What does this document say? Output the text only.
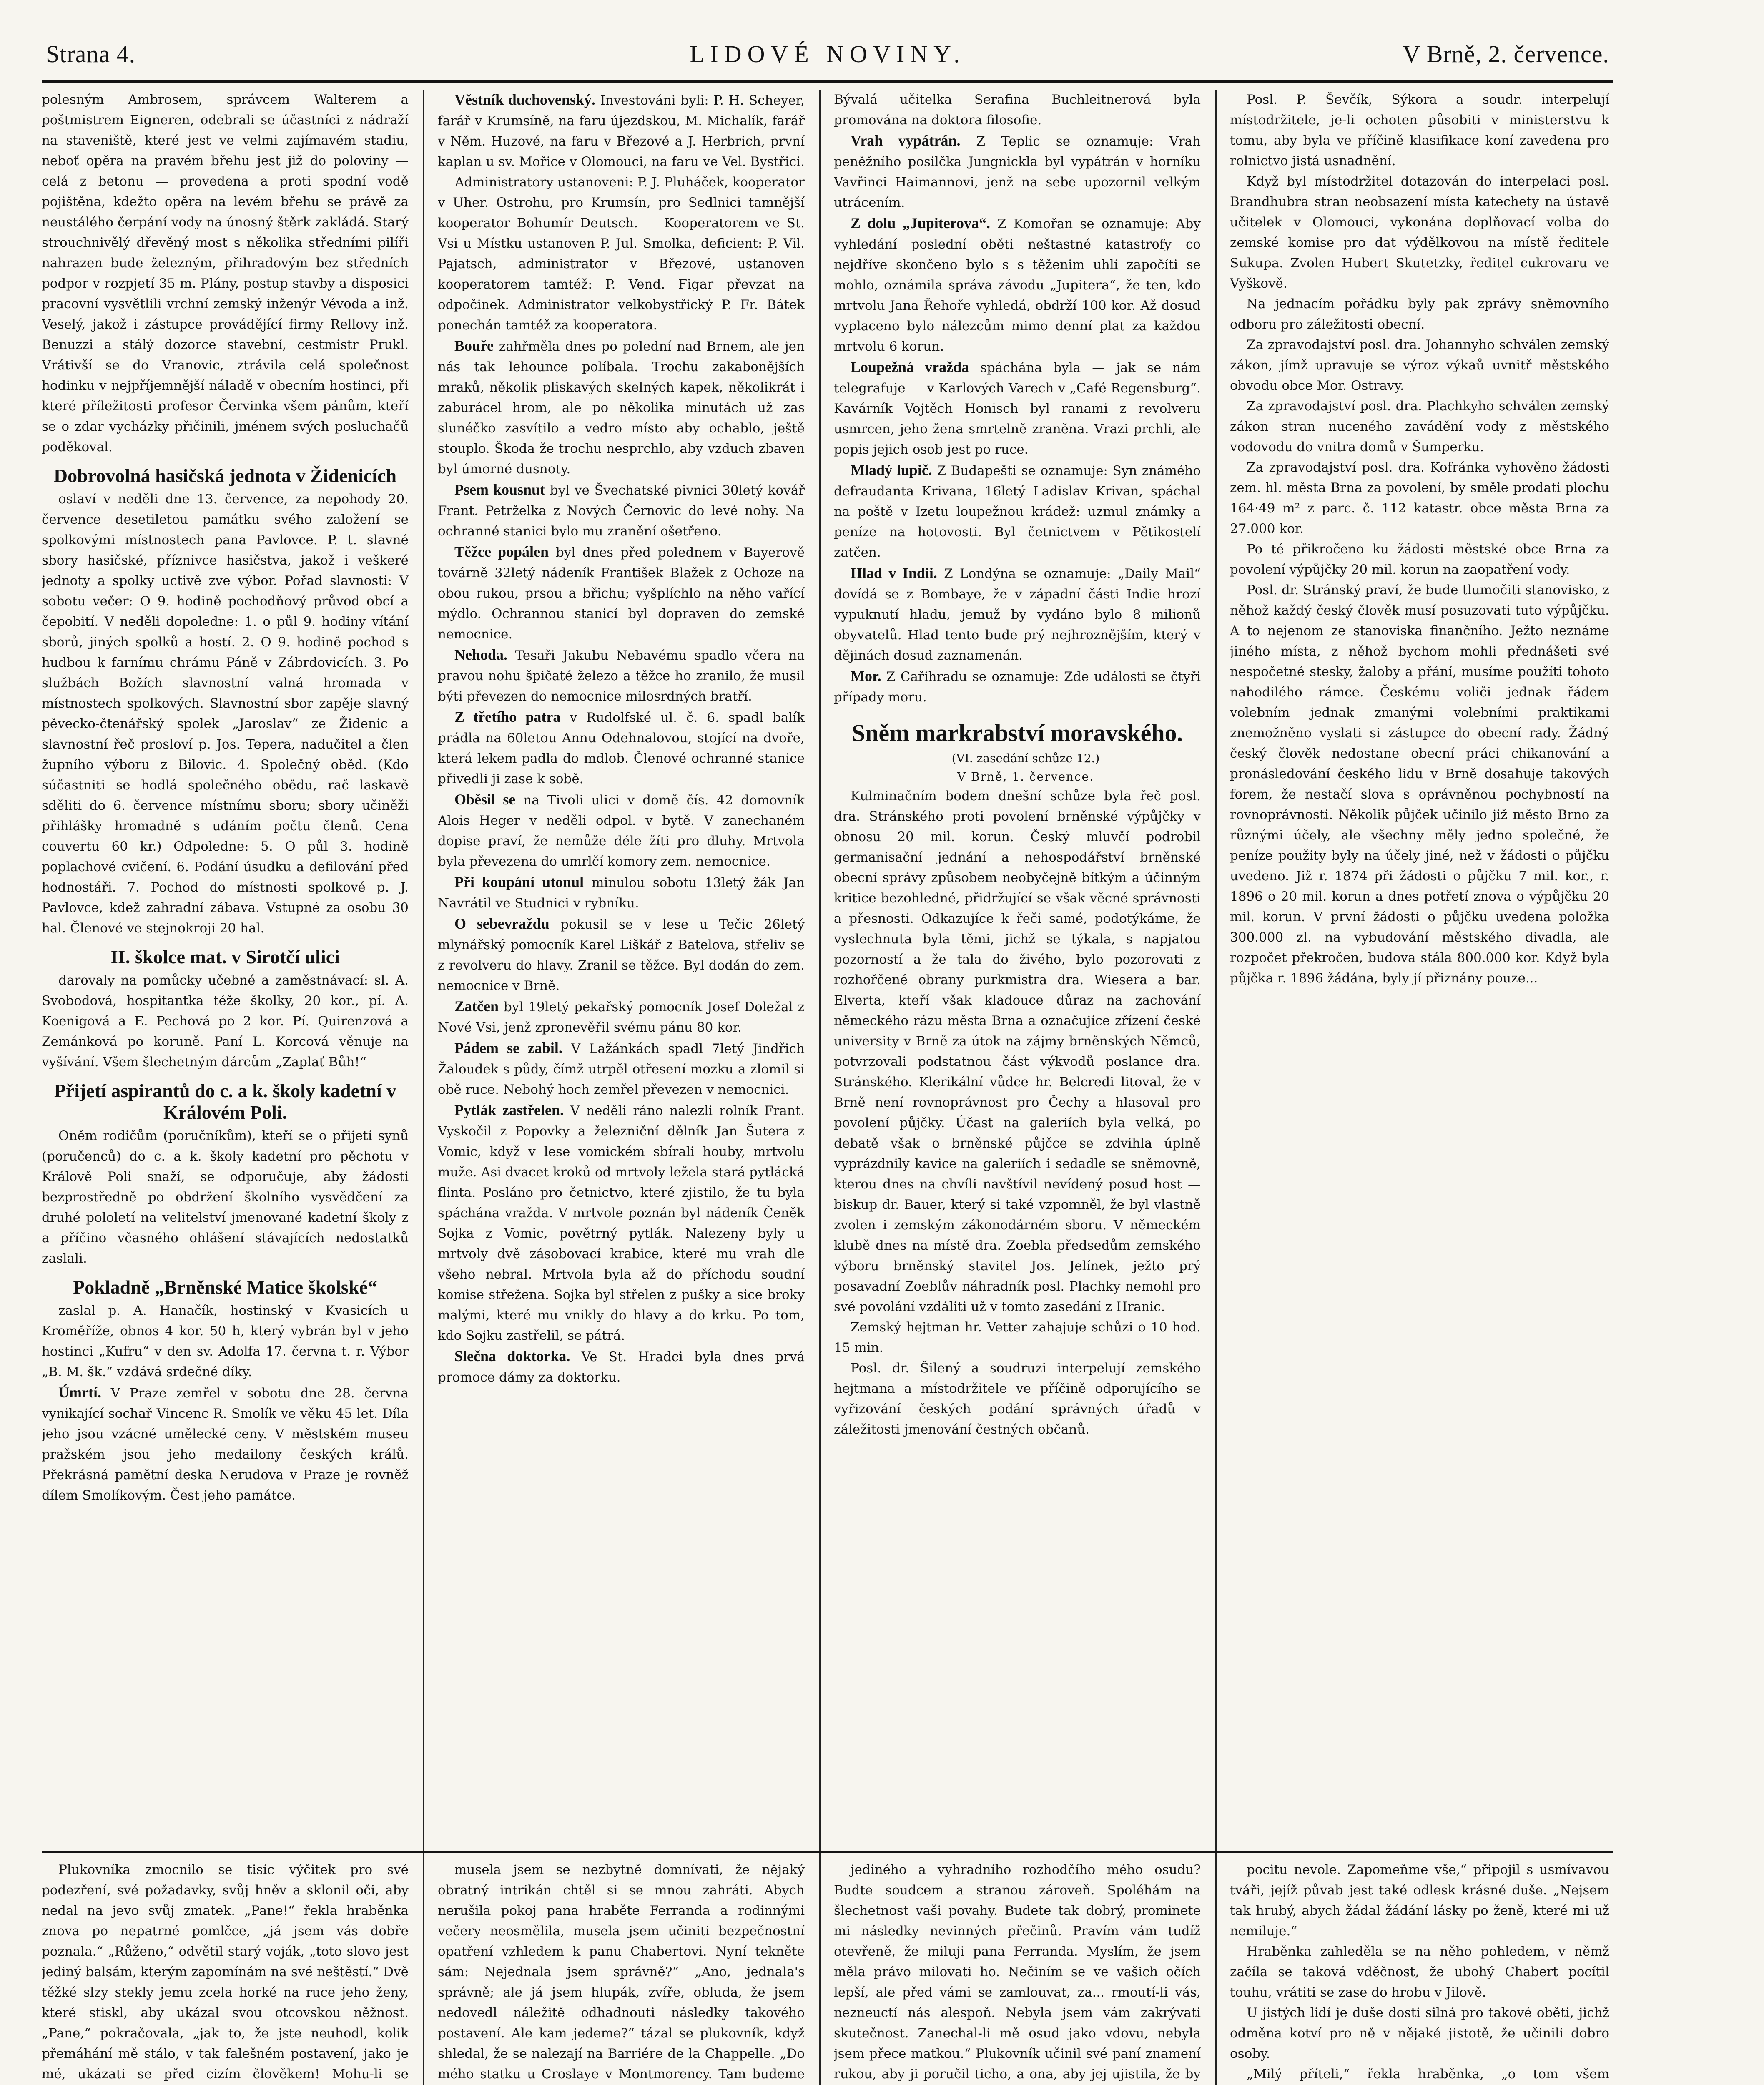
Strana 4.	LIDOVÉ NOVINY.	V Brně, 2. července.

polesným Ambrosem, správcem Walterem a poštmistrem Eigneren, odebrali se účastníci z nádraží na staveniště, které jest ve velmi zajímavém stadiu, neboť opěra na pravém břehu jest již do poloviny — celá z betonu — provedena a proti spodní vodě pojištěna, kdežto opěra na levém břehu se právě za neustálého čerpání vody na únosný štěrk zakládá. Starý strouchnivělý dřevěný most s několika středními pilíři nahrazen bude železným, přihradovým bez středních podpor v rozpjetí 35 m. Plány, postup stavby a disposici pracovní vysvětlili vrchní zemský inženýr Vévoda a inž. Veselý, jakož i zástupce provádějící firmy Rellovy inž. Benuzzi a stálý dozorce stavební, cestmistr Prukl. Vrátivší se do Vranovic, ztrávila celá společnost hodinku v nejpříjemnější náladě v obecním hostinci, při které příležitosti profesor Červinka všem pánům, kteří se o zdar vycházky přičinili, jménem svých posluchačů poděkoval.

Dobrovolná hasičská jednota v Židenicích

oslaví v neděli dne 13. července, za nepohody 20. července desetiletou památku svého založení se spolkovými místnostech pana Pavlovce. P. t. slavné sbory hasičské, příznivce hasičstva, jakož i veškeré jednoty a spolky uctivě zve výbor. Pořad slavnosti: V sobotu večer: O 9. hodině pochodňový průvod obcí a čepobití. V neděli dopoledne: 1. o půl 9. hodiny vítání sborů, jiných spolků a hostí. 2. O 9. hodině pochod s hudbou k farnímu chrámu Páně v Zábrdovicích. 3. Po službách Božích slavnostní valná hromada v místnostech spolkových. Slavnostní sbor zapěje slavný pěvecko-čtenářský spolek „Jaroslav“ ze Židenic a slavnostní řeč prosloví p. Jos. Tepera, nadučitel a člen župního výboru z Bilovic. 4. Společný oběd. (Kdo súčastniti se hodlá společného obědu, rač laskavě sděliti do 6. července místnímu sboru; sbory učiněži přihlášky hromadně s udáním počtu členů. Cena couvertu 60 kr.) Odpoledne: 5. O půl 3. hodině poplachové cvičení. 6. Podání úsudku a defilování před hodnostáři. 7. Pochod do místnosti spolkové p. J. Pavlovce, kdež zahradní zábava. Vstupné za osobu 30 hal. Členové ve stejnokroji 20 hal.

II. školce mat. v Sirotčí ulici

darovaly na pomůcky učebné a zaměstnávací: sl. A. Svobodová, hospitantka téže školky, 20 kor., pí. A. Koenigová a E. Pechová po 2 kor. Pí. Quirenzová a Zemánková po koruně. Paní L. Korcová věnuje na vyšívání. Všem šlechetným dárcům „Zaplať Bůh!“

Přijetí aspirantů do c. a k. školy kadetní v Královém Poli.

Oněm rodičům (poručníkům), kteří se o přijetí synů (poručenců) do c. a k. školy kadetní pro pěchotu v Králově Poli snaží, se odporučuje, aby žádosti bezprostředně po obdržení školního vysvědčení za druhé pololetí na velitelství jmenované kadetní školy z a příčino včasného ohlášení stávajících nedostatků zaslali.

Pokladně „Brněnské Matice školské“

zaslal p. A. Hanačík, hostinský v Kvasicích u Kroměříže, obnos 4 kor. 50 h, který vybrán byl v jeho hostinci „Kufru“ v den sv. Adolfa 17. června t. r. Výbor „B. M. šk.“ vzdává srdečné díky.

Úmrtí. V Praze zemřel v sobotu dne 28. června vynikající sochař Vincenc R. Smolík ve věku 45 let. Díla jeho jsou vzácné umělecké ceny. V městském museu pražském jsou jeho medailony českých králů. Překrásná pamětní deska Nerudova v Praze je rovněž dílem Smolíkovým. Čest jeho památce.

Věstník duchovenský. Investováni byli: P. H. Scheyer, farář v Krumsíně, na faru újezdskou, M. Michalík, farář v Něm. Huzové, na faru v Březové a J. Herbrich, první kaplan u sv. Mořice v Olomouci, na faru ve Vel. Bystřici. — Administratory ustanoveni: P. J. Pluháček, kooperator v Uher. Ostrohu, pro Krumsín, pro Sedlnici tamnější kooperator Bohumír Deutsch. — Kooperatorem ve St. Vsi u Místku ustanoven P. Jul. Smolka, deficient: P. Vil. Pajatsch, administrator v Březové, ustanoven kooperatorem tamtéž: P. Vend. Figar převzat na odpočinek. Administrator velkobystřický P. Fr. Bátek ponechán tamtéž za kooperatora.

Bouře zahřměla dnes po polední nad Brnem, ale jen nás tak lehounce políbala. Trochu zakabonějších mraků, několik pliskavých skelných kapek, několikrát i zaburácel hrom, ale po několika minutách už zas slunéčko zasvítilo a vedro místo aby ochablo, ještě stouplo. Škoda že trochu nesprchlo, aby vzduch zbaven byl úmorné dusnoty.

Psem kousnut byl ve Švechatské pivnici 30letý kovář Frant. Petrželka z Nových Černovic do levé nohy. Na ochranné stanici bylo mu zranění ošetřeno.

Těžce popálen byl dnes před polednem v Bayerově továrně 32letý nádeník František Blažek z Ochoze na obou rukou, prsou a břichu; vyšplíchlo na něho vařící mýdlo. Ochrannou stanicí byl dopraven do zemské nemocnice.

Nehoda. Tesaři Jakubu Nebavému spadlo včera na pravou nohu špičaté železo a těžce ho zranilo, že musil býti převezen do nemocnice milosrdných bratří.

Z třetího patra v Rudolfské ul. č. 6. spadl balík prádla na 60letou Annu Odehnalovou, stojící na dvoře, která lekem padla do mdlob. Členové ochranné stanice přivedli ji zase k sobě.

Oběsil se na Tivoli ulici v domě čís. 42 domovník Alois Heger v neděli odpol. v bytě. V zanechaném dopise praví, že nemůže déle žíti pro dluhy. Mrtvola byla převezena do umrlčí komory zem. nemocnice.

Při koupání utonul minulou sobotu 13letý žák Jan Navrátil ve Studnici v rybníku.

O sebevraždu pokusil se v lese u Tečic 26letý mlynářský pomocník Karel Liškář z Batelova, střeliv se z revolveru do hlavy. Zranil se těžce. Byl dodán do zem. nemocnice v Brně.

Zatčen byl 19letý pekařský pomocník Josef Doležal z Nové Vsi, jenž zpronevěřil svému pánu 80 kor.

Pádem se zabil. V Lažánkách spadl 7letý Jindřich Žaloudek s půdy, čímž utrpěl otřesení mozku a zlomil si obě ruce. Nebohý hoch zemřel převezen v nemocnici.

Pytlák zastřelen. V neděli ráno nalezli rolník Frant. Vyskočil z Popovky a železniční dělník Jan Šutera z Vomic, když v lese vomickém sbírali houby, mrtvolu muže. Asi dvacet kroků od mrtvoly ležela stará pytlácká flinta. Posláno pro četnictvo, které zjistilo, že tu byla spáchána vražda. V mrtvole poznán byl nádeník Čeněk Sojka z Vomic, povětrný pytlák. Nalezeny byly u mrtvoly dvě zásobovací krabice, které mu vrah dle všeho nebral. Mrtvola byla až do příchodu soudní komise střežena. Sojka byl střelen z pušky a sice broky malými, které mu vnikly do hlavy a do krku. Po tom, kdo Sojku zastřelil, se pátrá.

Slečna doktorka. Ve St. Hradci byla dnes prvá promoce dámy za doktorku.

Bývalá učitelka Serafina Buchleitnerová byla promována na doktora filosofie.

Vrah vypátrán. Z Teplic se oznamuje: Vrah peněžního posilčka Jungnickla byl vypátrán v horníku Vavřinci Haimannovi, jenž na sebe upozornil velkým utrácením.

Z dolu „Jupiterova“. Z Komořan se oznamuje: Aby vyhledání poslední oběti neštastné katastrofy co nejdříve skončeno bylo s s těženim uhlí započíti se mohlo, oznámila správa závodu „Jupitera“, že ten, kdo mrtvolu Jana Řehoře vyhledá, obdrží 100 kor. Až dosud vyplaceno bylo nálezcům mimo denní plat za každou mrtvolu 6 korun.

Loupežná vražda spáchána byla — jak se nám telegrafuje — v Karlových Varech v „Café Regensburg“. Kavárník Vojtěch Honisch byl ranami z revolveru usmrcen, jeho žena smrtelně zraněna. Vrazi prchli, ale popis jejich osob jest po ruce.

Mladý lupič. Z Budapešti se oznamuje: Syn známého defraudanta Krivana, 16letý Ladislav Krivan, spáchal na poště v Izetu loupežnou krádež: uzmul známky a peníze na hotovosti. Byl četnictvem v Pětikostelí zatčen.

Hlad v Indii. Z Londýna se oznamuje: „Daily Mail“ dovídá se z Bombaye, že v západní části Indie hrozí vypuknutí hladu, jemuž by vydáno bylo 8 milionů obyvatelů. Hlad tento bude prý nejhroznějším, který v dějinách dosud zaznamenán.

Mor. Z Cařihradu se oznamuje: Zde události se čtyři případy moru.

Sněm markrabství moravského.

(VI. zasedání schůze 12.)

V Brně, 1. července.

Kulminačním bodem dnešní schůze byla řeč posl. dra. Stránského proti povolení brněnské výpůjčky v obnosu 20 mil. korun. Český mluvčí podrobil germanisační jednání a nehospodářství brněnské obecní správy způsobem neobyčejně bítkým a účinným kritice bezohledné, přidržující se však věcné správnosti a přesnosti. Odkazujíce k řeči samé, podotýkáme, že vyslechnuta byla těmi, jichž se týkala, s napjatou pozorností a že tala do živého, bylo pozorovati z rozhořčené obrany purkmistra dra. Wiesera a bar. Elverta, kteří však kladouce důraz na zachování německého rázu města Brna a označujíce zřízení české university v Brně za útok na zájmy brněnských Němců, potvrzovali podstatnou část výkvodů poslance dra. Stránského. Klerikální vůdce hr. Belcredi litoval, že v Brně není rovnoprávnost pro Čechy a hlasoval pro povolení půjčky. Účast na galeriích byla velká, po debatě však o brněnské půjčce se zdvihla úplně vyprázdnily kavice na galeriích i sedadle se sněmovně, kterou dnes na chvíli navštívil nevídený posud host — biskup dr. Bauer, který si také vzpomněl, že byl vlastně zvolen i zemským zákonodárném sboru. V německém klubě dnes na místě dra. Zoebla předsedům zemského výboru brněnský stavitel Jos. Jelínek, ježto prý posavadní Zoeblův náhradník posl. Plachky nemohl pro své povolání vzdáliti už v tomto zasedání z Hranic.

Zemský hejtman hr. Vetter zahajuje schůzi o 10 hod. 15 min.

Posl. dr. Šilený a soudruzi interpelují zemského hejtmana a místodržitele ve příčině odporujícího se vyřizování českých podání správných úřadů v záležitosti jmenování čestných občanů.

Posl. P. Ševčík, Sýkora a soudr. interpelují místodržitele, je-li ochoten působiti v ministerstvu k tomu, aby byla ve příčině klasifikace koní zavedena pro rolnictvo jistá usnadnění.

Když byl místodržitel dotazován do interpelaci posl. Brandhubra stran neobsazení místa katechety na ústavě učitelek v Olomouci, vykonána doplňovací volba do zemské komise pro dat výdělkovou na místě ředitele Sukupa. Zvolen Hubert Skutetzky, ředitel cukrovaru ve Vyškově.

Na jednacím pořádku byly pak zprávy sněmovního odboru pro záležitosti obecní.

Za zpravodajství posl. dra. Johannyho schválen zemský zákon, jímž upravuje se výroz výkaů uvnitř městského obvodu obce Mor. Ostravy.

Za zpravodajství posl. dra. Plachkyho schválen zemský zákon stran nuceného zavádění vody z městského vodovodu do vnitra domů v Šumperku.

Za zpravodajství posl. dra. Kofránka vyhověno žádosti zem. hl. města Brna za povolení, by směle prodati plochu 164·49 m² z parc. č. 112 katastr. obce města Brna za 27.000 kor.

Po té přikročeno ku žádosti městské obce Brna za povolení výpůjčky 20 mil. korun na zaopatření vody.

Posl. dr. Stránský praví, že bude tlumočiti stanovisko, z něhož každý český člověk musí posuzovati tuto výpůjčku. A to nejenom ze stanoviska finančního. Ježto neznáme jiného místa, z něhož bychom mohli přednášeti své nespočetné stesky, žaloby a přání, musíme použíti tohoto nahodilého rámce. Českému voliči jednak řádem volebním jednak zmanými volebními praktikami znemožněno vyslati si zástupce do obecní rady. Žádný český člověk nedostane obecní práci chikanování a pronásledování českého lidu v Brně dosahuje takových forem, že nestačí slova s oprávněnou pochybností na rovnoprávnosti. Několik půjček učinilo již město Brno za různými účely, ale všechny měly jedno společné, že peníze použity byly na účely jiné, než v žádosti o půjčku uvedeno. Již r. 1874 při žádosti o půjčku 7 mil. kor., r. 1896 o 20 mil. korun a dnes potřetí znova o výpůjčku 20 mil. korun. V první žádosti o půjčku uvedena položka 300.000 zl. na vybudování městského divadla, ale rozpočet překročen, budova stála 800.000 kor. Když byla půjčka r. 1896 žádána, byly jí přiznány pouze...

Plukovníka zmocnilo se tisíc výčitek pro své podezření, své požadavky, svůj hněv a sklonil oči, aby nedal na jevo svůj zmatek. „Pane!“ řekla hraběnka znova po nepatrné pomlčce, „já jsem vás dobře poznala.“ „Růženo,“ odvětil starý voják, „toto slovo jest jediný balsám, kterým zapomínám na své neštěstí.“ Dvě těžké slzy stekly jemu zcela horké na ruce jeho ženy, které stiskl, aby ukázal svou otcovskou něžnost. „Pane,“ pokračovala, „jak to, že jste neuhodl, kolik přemáhání mě stálo, v tak falešném postavení, jako je mé, ukázati se před cizím člověkem! Mohu-li se

musela jsem se nezbytně domnívati, že nějaký obratný intrikán chtěl si se mnou zahráti. Abych nerušila pokoj pana hraběte Ferranda a rodinnými večery neosmělila, musela jsem učiniti bezpečnostní opatření vzhledem k panu Chabertovi. Nyní tekněte sám: Nejednala jsem správně?“ „Ano, jednala's správně; ale já jsem hlupák, zvíře, obluda, že jsem nedovedl náležitě odhadnouti následky takového postavení. Ale kam jedeme?“ tázal se plukovník, když shledal, že se nalezají na Barriére de la Chappelle. „Do mého statku u Croslaye v Montmorency. Tam budeme

jediného a vyhradního rozhodčího mého osudu? Budte soudcem a stranou zároveň. Spoléhám na šlechetnost vaši povahy. Budete tak dobrý, prominete mi následky nevinných přečinů. Pravím vám tudíž otevřeně, že miluji pana Ferranda. Myslím, že jsem měla právo milovati ho. Nečiním se ve vašich očích lepší, ale před vámi se zamlouvat, za... rmoutí-li vás, nezneuctí nás alespoň. Nebyla jsem vám zakrývati skutečnost. Zanechal-li mě osud jako vdovu, nebyla jsem přece matkou.“ Plukovník učinil své paní znamení rukou, aby ji poručil ticho, a ona, aby jej ujistila, že by

pocitu nevole. Zapomeňme vše,“ připojil s usmívavou tváři, jejíž půvab jest také odlesk krásné duše. „Nejsem tak hrubý, abych žádal žádání lásky po ženě, které mi už nemiluje.“

Hraběnka zahleděla se na něho pohledem, v němž začíla se taková vděčnost, že ubohý Chabert pocítil touhu, vrátiti se zase do hrobu v Jilově.

U jistých lidí je duše dosti silná pro takové oběti, jichž odměna kotví pro ně v nějaké jistotě, že učinili dobro osoby.

„Milý příteli,“ řekla hraběnka, „o tom všem
